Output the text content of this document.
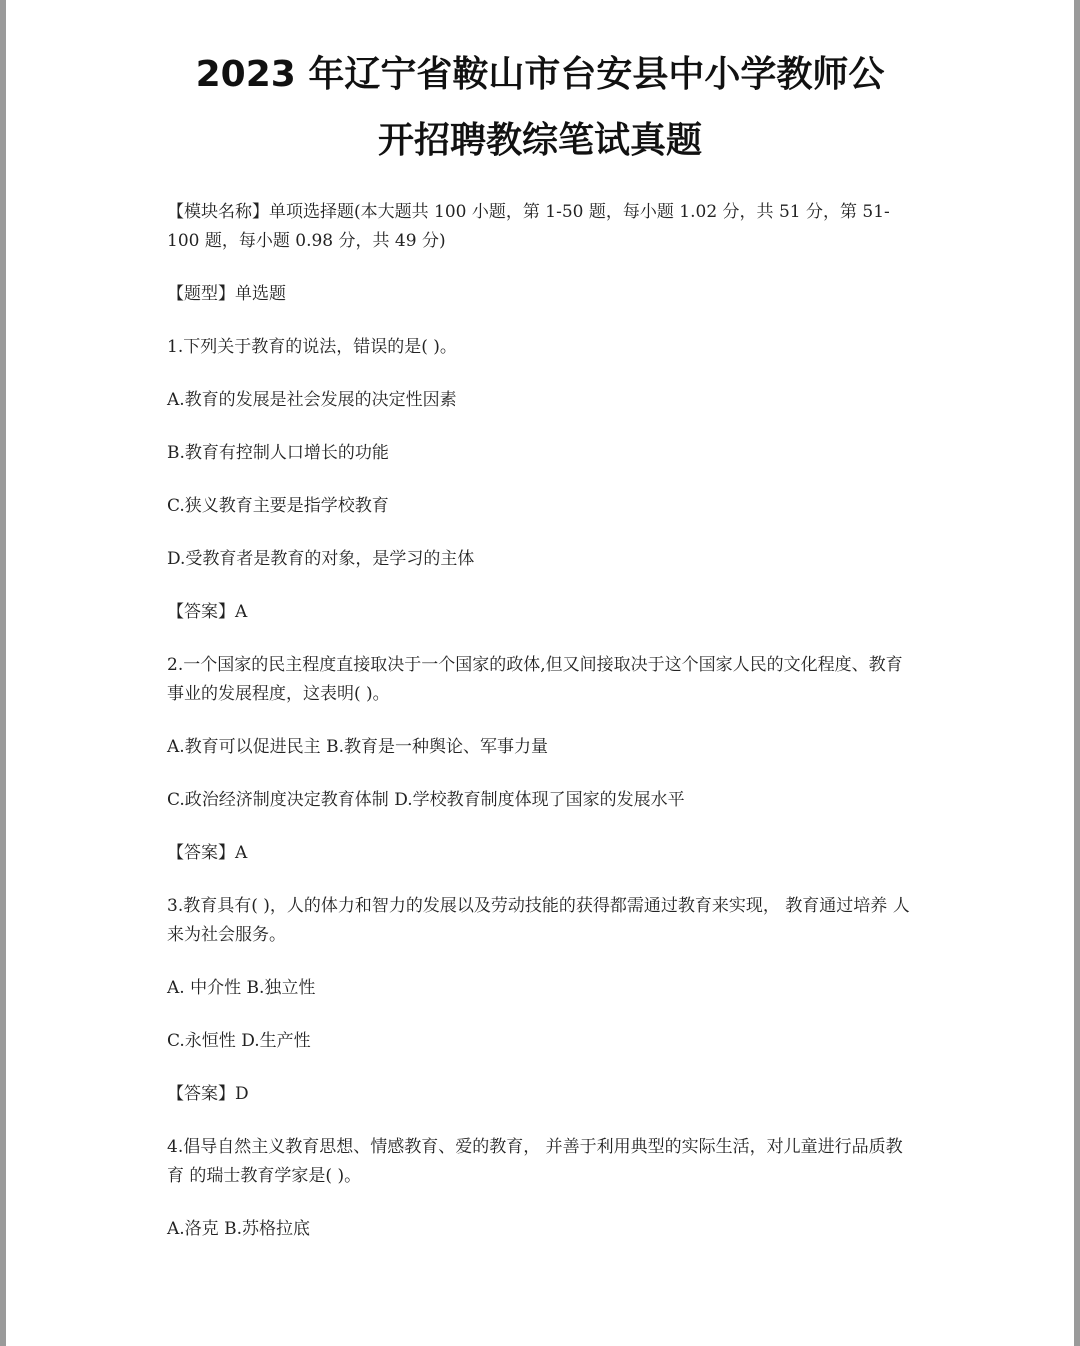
2023 年辽宁省鞍山市台安县中小学教师公
开招聘教综笔试真题

【模块名称】单项选择题(本大题共 100 小题，第 1-50 题，每小题 1.02 分，共 51 分，第 51-100 题，每小题 0.98 分，共 49 分)

【题型】单选题

1.下列关于教育的说法，错误的是( )。

A.教育的发展是社会发展的决定性因素

B.教育有控制人口增长的功能

C.狭义教育主要是指学校教育

D.受教育者是教育的对象，是学习的主体

【答案】A

2.一个国家的民主程度直接取决于一个国家的政体,但又间接取决于这个国家人民的文化程度、教育 事业的发展程度，这表明( )。

A.教育可以促进民主 B.教育是一种舆论、军事力量

C.政治经济制度决定教育体制 D.学校教育制度体现了国家的发展水平

【答案】A

3.教育具有( )，人的体力和智力的发展以及劳动技能的获得都需通过教育来实现， 教育通过培养 人来为社会服务。

A. 中介性 B.独立性

C.永恒性 D.生产性

【答案】D

4.倡导自然主义教育思想、情感教育、爱的教育， 并善于利用典型的实际生活，对儿童进行品质教育 的瑞士教育学家是( )。

A.洛克 B.苏格拉底
